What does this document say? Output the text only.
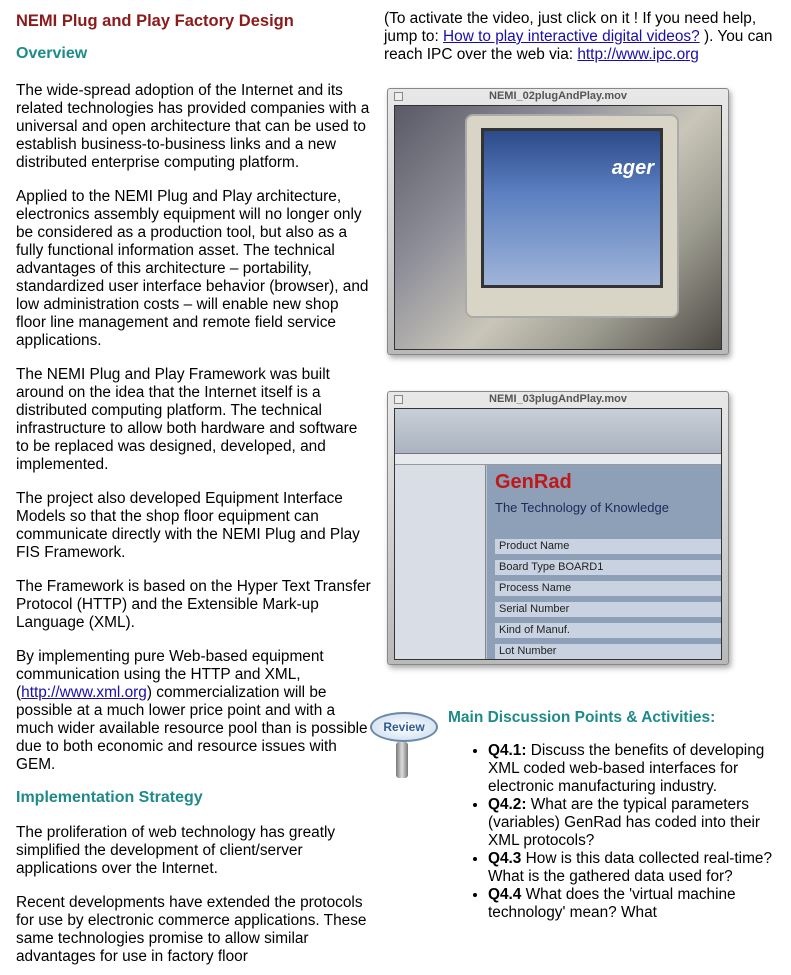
NEMI Plug and Play Factory Design
Overview

The wide-spread adoption of the Internet and its related technologies has provided companies with a universal and open architecture that can be used to establish business-to-business links and a new distributed enterprise computing platform.

Applied to the NEMI Plug and Play architecture, electronics assembly equipment will no longer only be considered as a production tool, but also as a fully functional information asset. The technical advantages of this architecture – portability, standardized user interface behavior (browser), and low administration costs – will enable new shop floor line management and remote field service applications.

The NEMI Plug and Play Framework was built around on the idea that the Internet itself is a distributed computing platform. The technical infrastructure to allow both hardware and software to be replaced was designed, developed, and implemented.

The project also developed Equipment Interface Models so that the shop floor equipment can communicate directly with the NEMI Plug and Play FIS Framework.

The Framework is based on the Hyper Text Transfer Protocol (HTTP) and the Extensible Mark-up Language (XML).

By implementing pure Web-based equipment communication using the HTTP and XML, (http://www.xml.org) commercialization will be possible at a much lower price point and with a much wider available resource pool than is possible due to both economic and resource issues with GEM.

Implementation Strategy

The proliferation of web technology has greatly simplified the development of client/server applications over the Internet.

Recent developments have extended the protocols for use by electronic commerce applications. These same technologies promise to allow similar advantages for use in factory floor

(To activate the video, just click on it ! If you need help, jump to: How to play interactive digital videos? ). You can reach IPC over the web via: http://www.ipc.org
NEMI_02plugAndPlay.mov
ager
NEMI_03plugAndPlay.mov
GenRad
The Technology of Knowledge
Product Name
Board Type BOARD1
Process Name
Serial Number
Kind of Manuf.
Lot Number
Review
Main Discussion Points & Activities:
• Q4.1: Discuss the benefits of developing XML coded web-based interfaces for electronic manufacturing industry.
• Q4.2: What are the typical parameters (variables) GenRad has coded into their XML protocols?
• Q4.3 How is this data collected real-time? What is the gathered data used for?
• Q4.4 What does the 'virtual machine technology' mean? What
